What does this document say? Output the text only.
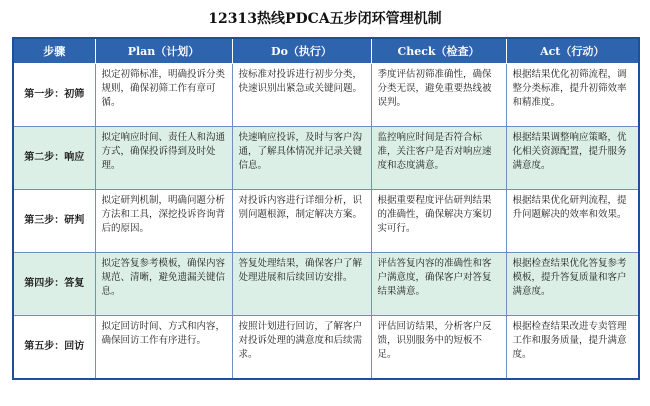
12313热线PDCA五步闭环管理机制
步骤	Plan（计划）	Do（执行）	Check（检查）	Act（行动）
第一步：初筛	拟定初筛标准，明确投诉分类规则，确保初筛工作有章可循。	按标准对投诉进行初步分类，快速识别出紧急或关键问题。	季度评估初筛准确性，确保分类无误，避免重要热线被误判。	根据结果优化初筛流程，调整分类标准，提升初筛效率和精准度。
第二步：响应	拟定响应时间、责任人和沟通方式，确保投诉得到及时处理。	快速响应投诉，及时与客户沟通，了解具体情况并记录关键信息。	监控响应时间是否符合标准，关注客户是否对响应速度和态度满意。	根据结果调整响应策略，优化相关资源配置，提升服务满意度。
第三步：研判	拟定研判机制，明确问题分析方法和工具，深挖投诉咨询背后的原因。	对投诉内容进行详细分析，识别问题根源，制定解决方案。	根据重要程度评估研判结果的准确性，确保解决方案切实可行。	根据结果优化研判流程，提升问题解决的效率和效果。
第四步：答复	拟定答复参考模板，确保内容规范、清晰，避免遗漏关键信息。	答复处理结果，确保客户了解处理进展和后续回访安排。	评估答复内容的准确性和客户满意度，确保客户对答复结果满意。	根据检查结果优化答复参考模板，提升答复质量和客户满意度。
第五步：回访	拟定回访时间、方式和内容，确保回访工作有序进行。	按照计划进行回访，了解客户对投诉处理的满意度和后续需求。	评估回访结果，分析客户反馈，识别服务中的短板不足。	根据检查结果改进专卖管理工作和服务质量，提升满意度。
